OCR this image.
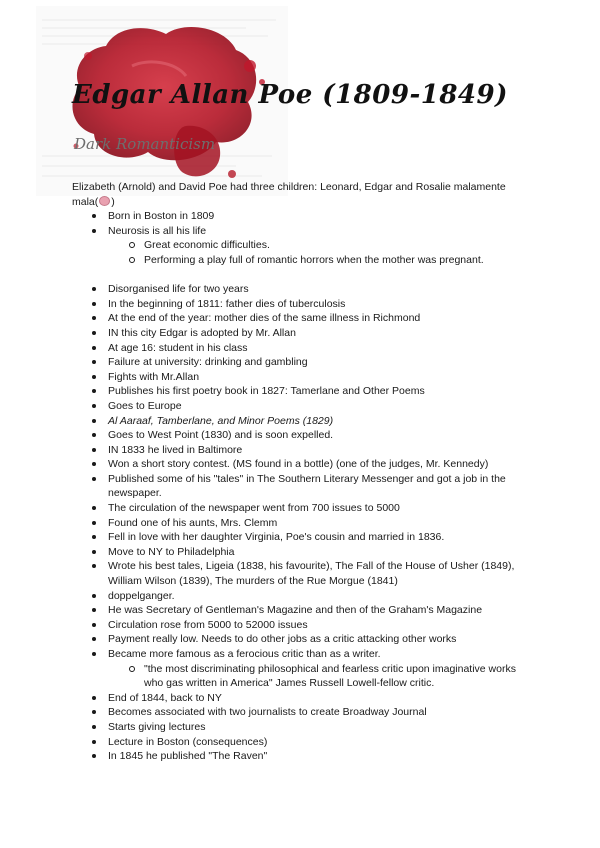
Edgar Allan Poe (1809-1849)
Dark Romanticism

Elizabeth (Arnold) and David Poe had three children: Leonard, Edgar and Rosalie malamente mala( )

Born in Boston in 1809
Neurosis is all his life
Great economic difficulties.
Performing a play full of romantic horrors when the mother was pregnant.
Disorganised life for two years
In the beginning of 1811: father dies of tuberculosis
At the end of the year: mother dies of the same illness in Richmond
IN this city Edgar is adopted by Mr. Allan
At age 16: student in his class
Failure at university: drinking and gambling
Fights with Mr.Allan
Publishes his first poetry book in 1827: Tamerlane and Other Poems
Goes to Europe
Al Aaraaf, Tamberlane, and Minor Poems (1829)
Goes to West Point (1830) and is soon expelled.
IN 1833 he lived in Baltimore
Won a short story contest. (MS found in a bottle) (one of the judges, Mr. Kennedy)
Published some of his "tales" in The Southern Literary Messenger and got a job in the newspaper.
The circulation of the newspaper went from 700 issues to 5000
Found one of his aunts, Mrs. Clemm
Fell in love with her daughter Virginia, Poe's cousin and married in 1836.
Move to NY to Philadelphia
Wrote his best tales, Ligeia (1838, his favourite), The Fall of the House of Usher (1849), William Wilson (1839), The murders of the Rue Morgue (1841)
doppelganger.
He was Secretary of Gentleman's Magazine and then of the Graham's Magazine
Circulation rose from 5000 to 52000 issues
Payment really low. Needs to do other jobs as a critic attacking other works
Became more famous as a ferocious critic than as a writer.
"the most discriminating philosophical and fearless critic upon imaginative works who gas written in America" James Russell Lowell-fellow critic.
End of 1844, back to NY
Becomes associated with two journalists to create Broadway Journal
Starts giving lectures
Lecture in Boston (consequences)
In 1845 he published "The Raven"
